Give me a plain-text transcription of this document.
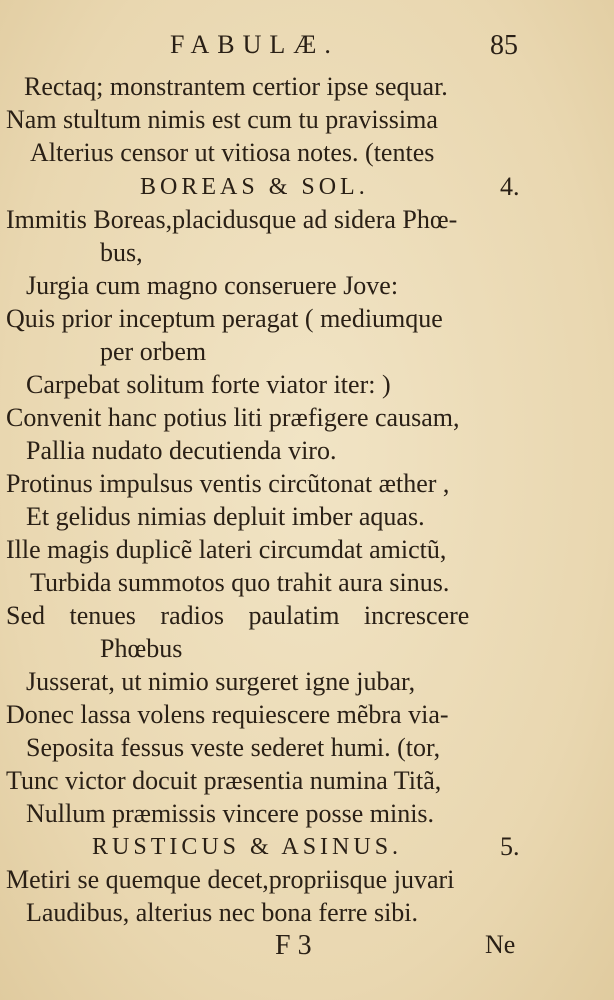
FABULÆ.	85
Rectaq; monstrantem certior ipse sequar.
Nam stultum nimis est cum tu pravissima
Alterius censor ut vitiosa notes. (tentes
BOREAS & SOL.	4.
Immitis Boreas,placidusque ad sidera Phœ-
bus,
Jurgia cum magno conseruere Jove:
Quis prior inceptum peragat ( mediumque
per orbem
Carpebat solitum forte viator iter: )
Convenit hanc potius liti præfigere causam,
Pallia nudato decutienda viro.
Protinus impulsus ventis circũtonat æther ,
Et gelidus nimias depluit imber aquas.
Ille magis duplicẽ lateri circumdat amictũ,
Turbida summotos quo trahit aura sinus.
Sed tenues radios paulatim increscere
Phœbus
Jusserat, ut nimio surgeret igne jubar,
Donec lassa volens requiescere mẽbra via-
Seposita fessus veste sederet humi. (tor,
Tunc victor docuit præsentia numina Titã,
Nullum præmissis vincere posse minis.
RUSTICUS & ASINUS.	5.
Metiri se quemque decet,propriisque juvari
Laudibus, alterius nec bona ferre sibi.
F 3	Ne
